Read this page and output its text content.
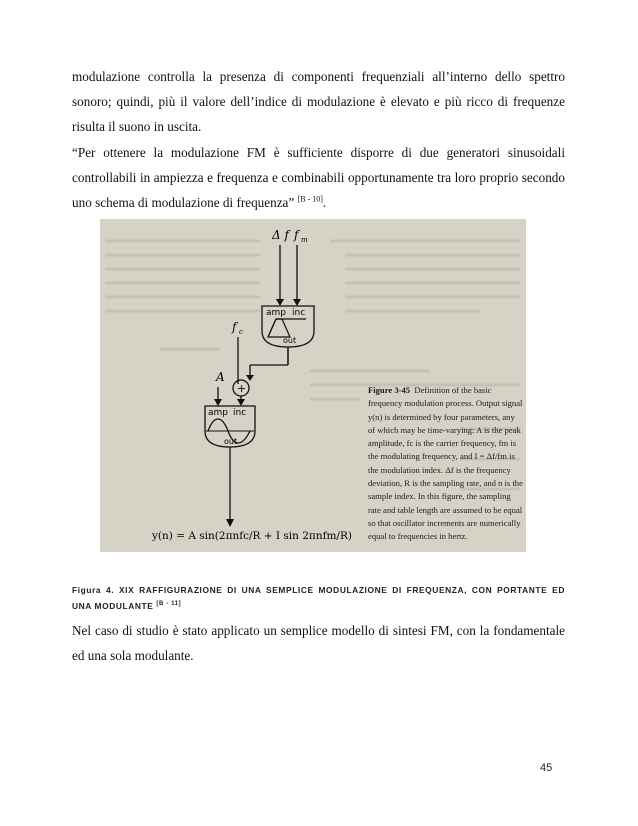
modulazione controlla la presenza di componenti frequenziali all’interno dello spettro sonoro; quindi, più il valore dell’indice di modulazione è elevato e più ricco di frequenze risulta il suono in uscita.

“Per ottenere la modulazione FM è sufficiente disporre di due generatori sinusoidali controllabili in ampiezza e frequenza e combinabili opportunamente tra loro proprio secondo uno schema di modulazione di frequenza” [B - 10].

Δ f f m
amp inc
out
f c
A
+
amp inc
out
y(n) = A sin(2πnfc/R + I sin 2πnfm/R)
Figure 3-45 Definition of the basic frequency modulation process. Output signal y(n) is determined by four parameters, any of which may be time-varying: A is the peak amplitude, fc is the carrier frequency, fm is the modulating frequency, and I = Δf/fm is the modulation index. Δf is the frequency deviation, R is the sampling rate, and n is the sample index. In this figure, the sampling rate and table length are assumed to be equal so that oscillator increments are numerically equal to frequencies in hertz.

Figura 4. XIX RAFFIGURAZIONE DI UNA SEMPLICE MODULAZIONE DI FREQUENZA, CON PORTANTE ED UNA MODULANTE [B - 11]

Nel caso di studio è stato applicato un semplice modello di sintesi FM, con la fondamentale ed una sola modulante.

45
